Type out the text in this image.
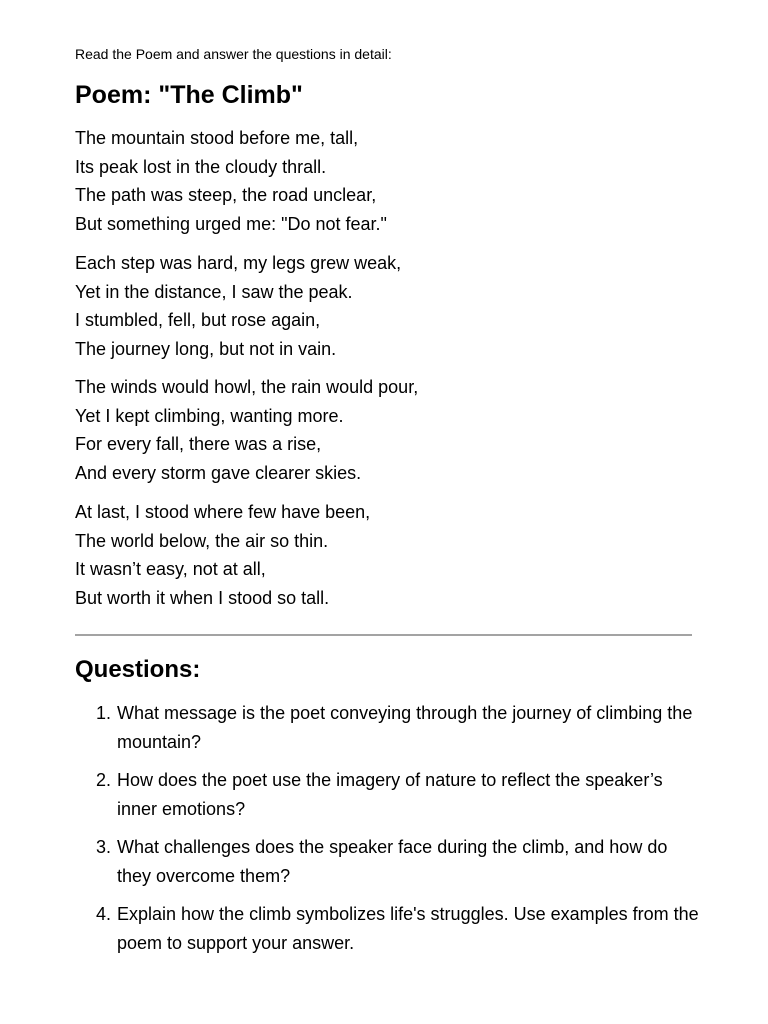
Read the Poem and answer the questions in detail:
Poem: "The Climb"

The mountain stood before me, tall,
Its peak lost in the cloudy thrall.
The path was steep, the road unclear,
But something urged me: "Do not fear."

Each step was hard, my legs grew weak,
Yet in the distance, I saw the peak.
I stumbled, fell, but rose again,
The journey long, but not in vain.

The winds would howl, the rain would pour,
Yet I kept climbing, wanting more.
For every fall, there was a rise,
And every storm gave clearer skies.

At last, I stood where few have been,
The world below, the air so thin.
It wasn’t easy, not at all,
But worth it when I stood so tall.

Questions:
1. What message is the poet conveying through the journey of climbing the mountain?
2. How does the poet use the imagery of nature to reflect the speaker’s inner emotions?
3. What challenges does the speaker face during the climb, and how do they overcome them?
4. Explain how the climb symbolizes life's struggles. Use examples from the poem to support your answer.
